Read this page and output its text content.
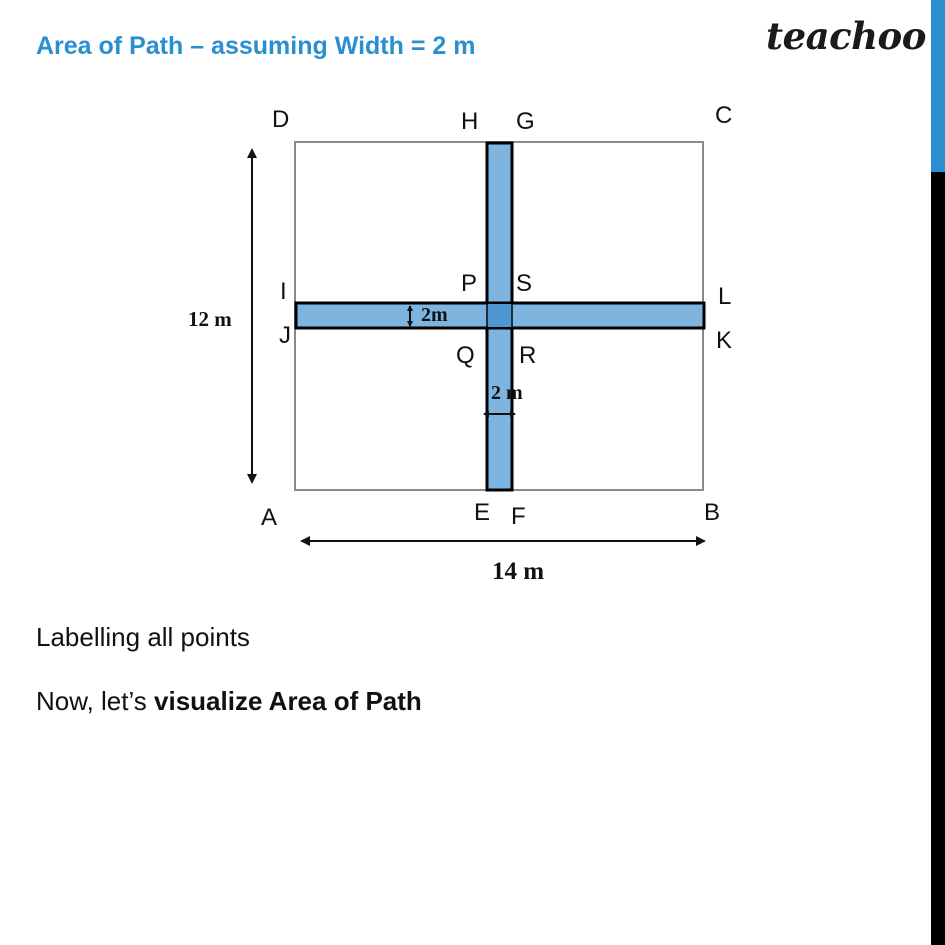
Area of Path – assuming Width = 2 m	teachoo
D	H G	C
I
J
P S	L
K
Q R
A	E F	B
12 m
14 m
2m
2 m
Labelling all points
Now, let’s visualize Area of Path
